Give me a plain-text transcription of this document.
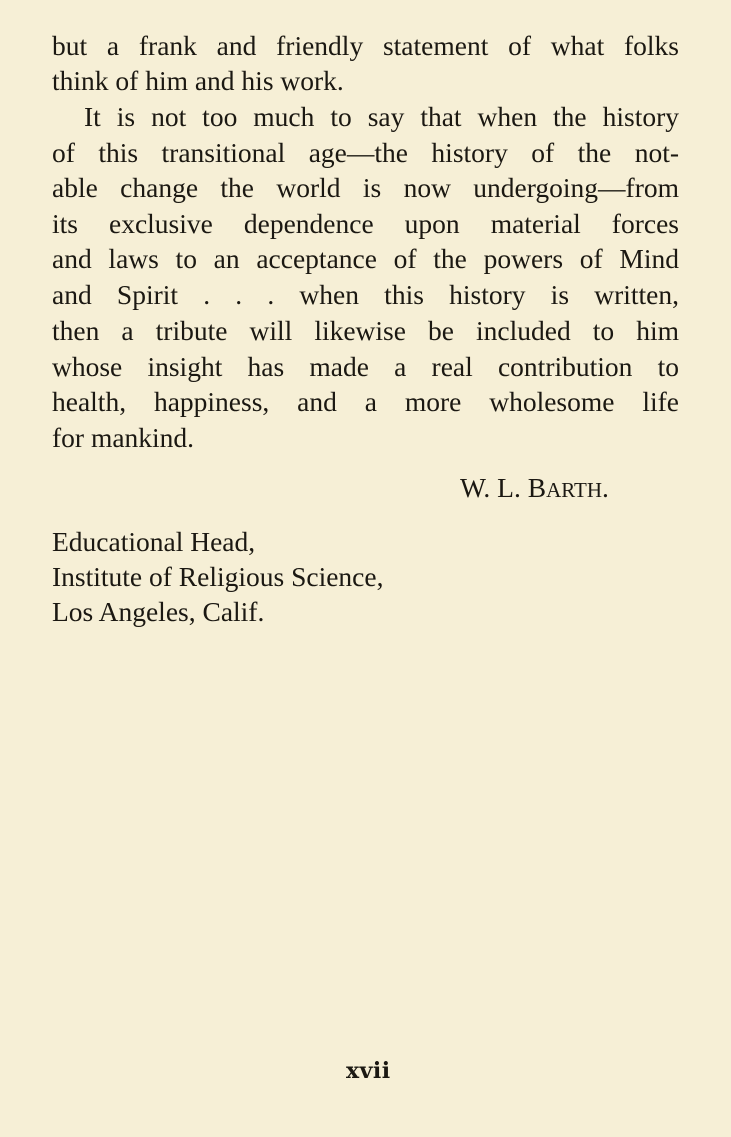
but a frank and friendly statement of what folks
think of him and his work.
It is not too much to say that when the history
of this transitional age—the history of the not-
able change the world is now undergoing—from
its exclusive dependence upon material forces
and laws to an acceptance of the powers of Mind
and Spirit . . . when this history is written,
then a tribute will likewise be included to him
whose insight has made a real contribution to
health, happiness, and a more wholesome life
for mankind.
W. L. BARTH.
Educational Head,
Institute of Religious Science,
Los Angeles, Calif.
xvii
